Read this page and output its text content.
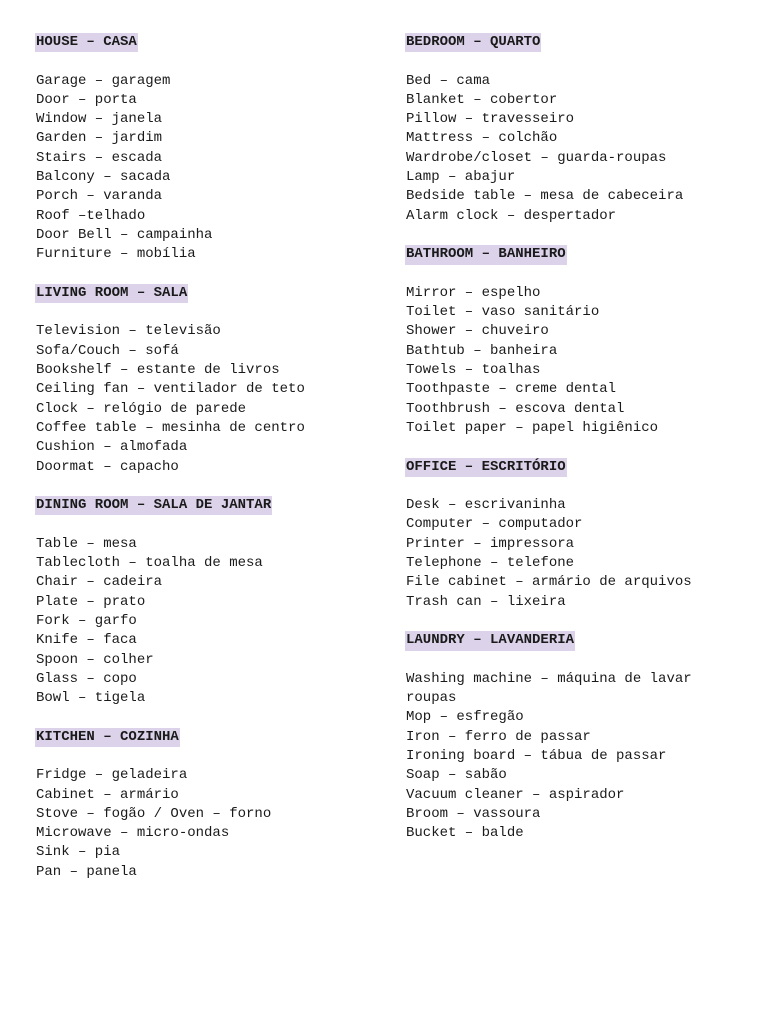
HOUSE – CASA
Garage – garagem
Door – porta
Window – janela
Garden – jardim
Stairs – escada
Balcony – sacada
Porch – varanda
Roof –telhado
Door Bell – campainha
Furniture – mobília
LIVING ROOM – SALA
Television – televisão
Sofa/Couch – sofá
Bookshelf – estante de livros
Ceiling fan – ventilador de teto
Clock – relógio de parede
Coffee table – mesinha de centro
Cushion – almofada
Doormat – capacho
DINING ROOM – SALA DE JANTAR
Table – mesa
Tablecloth – toalha de mesa
Chair – cadeira
Plate – prato
Fork – garfo
Knife – faca
Spoon – colher
Glass – copo
Bowl – tigela
KITCHEN – COZINHA
Fridge – geladeira
Cabinet – armário
Stove – fogão / Oven – forno
Microwave – micro-ondas
Sink – pia
Pan – panela
BEDROOM – QUARTO
Bed – cama
Blanket – cobertor
Pillow – travesseiro
Mattress – colchão
Wardrobe/closet – guarda-roupas
Lamp – abajur
Bedside table – mesa de cabeceira
Alarm clock – despertador
BATHROOM – BANHEIRO
Mirror – espelho
Toilet – vaso sanitário
Shower – chuveiro
Bathtub – banheira
Towels – toalhas
Toothpaste – creme dental
Toothbrush – escova dental
Toilet paper – papel higiênico
OFFICE – ESCRITÓRIO
Desk – escrivaninha
Computer – computador
Printer – impressora
Telephone – telefone
File cabinet – armário de arquivos
Trash can – lixeira
LAUNDRY – LAVANDERIA
Washing machine – máquina de lavar
roupas
Mop – esfregão
Iron – ferro de passar
Ironing board – tábua de passar
Soap – sabão
Vacuum cleaner – aspirador
Broom – vassoura
Bucket – balde
